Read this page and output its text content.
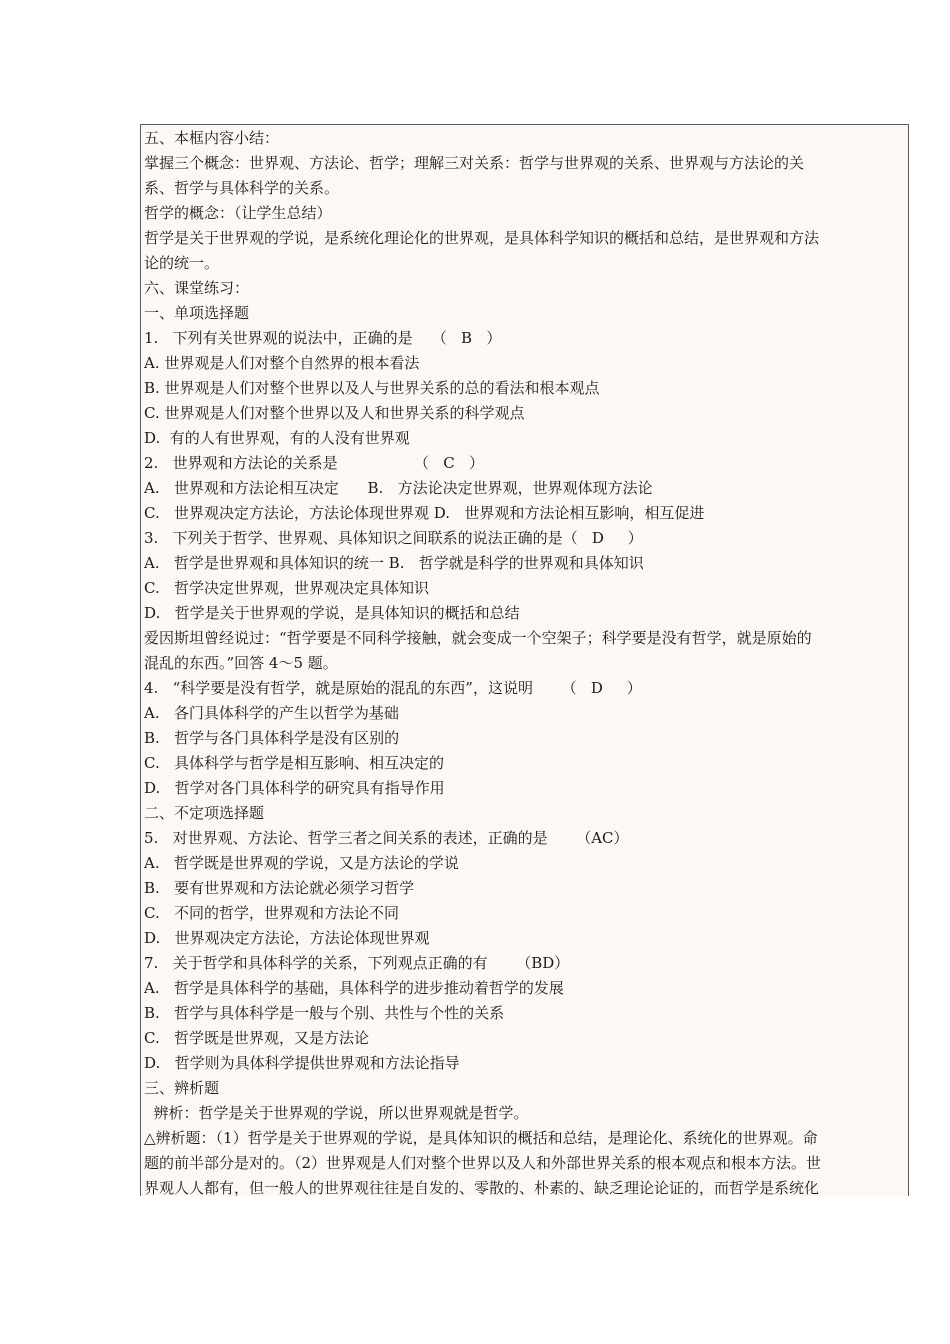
五、本框内容小结：
掌握三个概念：世界观、方法论、哲学；理解三对关系：哲学与世界观的关系、世界观与方法论的关
系、哲学与具体科学的关系。
哲学的概念：（让学生总结）
哲学是关于世界观的学说，是系统化理论化的世界观，是具体科学知识的概括和总结，是世界观和方法
论的统一。
六、课堂练习：
一、单项选择题
1.   下列有关世界观的说法中，正确的是    （   B   ）
A. 世界观是人们对整个自然界的根本看法
B. 世界观是人们对整个世界以及人与世界关系的总的看法和根本观点
C. 世界观是人们对整个世界以及人和世界关系的科学观点
D.  有的人有世界观，有的人没有世界观
2.   世界观和方法论的关系是                （   C   ）
A.   世界观和方法论相互决定      B.   方法论决定世界观，世界观体现方法论
C.   世界观决定方法论，方法论体现世界观 D.   世界观和方法论相互影响，相互促进
3.   下列关于哲学、世界观、具体知识之间联系的说法正确的是（   D     ）
A.   哲学是世界观和具体知识的统一 B.   哲学就是科学的世界观和具体知识
C.   哲学决定世界观，世界观决定具体知识
D.   哲学是关于世界观的学说，是具体知识的概括和总结
爱因斯坦曾经说过：“哲学要是不同科学接触，就会变成一个空架子；科学要是没有哲学，就是原始的
混乱的东西。”回答 4～5 题。
4.   “科学要是没有哲学，就是原始的混乱的东西”，这说明      （   D     ）
A.   各门具体科学的产生以哲学为基础
B.   哲学与各门具体科学是没有区别的
C.   具体科学与哲学是相互影响、相互决定的
D.   哲学对各门具体科学的研究具有指导作用
二、不定项选择题
5.   对世界观、方法论、哲学三者之间关系的表述，正确的是      （AC）
A.   哲学既是世界观的学说，又是方法论的学说
B.   要有世界观和方法论就必须学习哲学
C.   不同的哲学，世界观和方法论不同
D.   世界观决定方法论，方法论体现世界观
7.   关于哲学和具体科学的关系，下列观点正确的有      （BD）
A.   哲学是具体科学的基础，具体科学的进步推动着哲学的发展
B.   哲学与具体科学是一般与个别、共性与个性的关系
C.   哲学既是世界观，又是方法论
D.   哲学则为具体科学提供世界观和方法论指导
三、辨析题
辨析：哲学是关于世界观的学说，所以世界观就是哲学。
△辨析题：（1）哲学是关于世界观的学说，是具体知识的概括和总结，是理论化、系统化的世界观。命
题的前半部分是对的。（2）世界观是人们对整个世界以及人和外部世界关系的根本观点和根本方法。世
界观人人都有，但一般人的世界观往往是自发的、零散的、朴素的、缺乏理论论证的，而哲学是系统化
